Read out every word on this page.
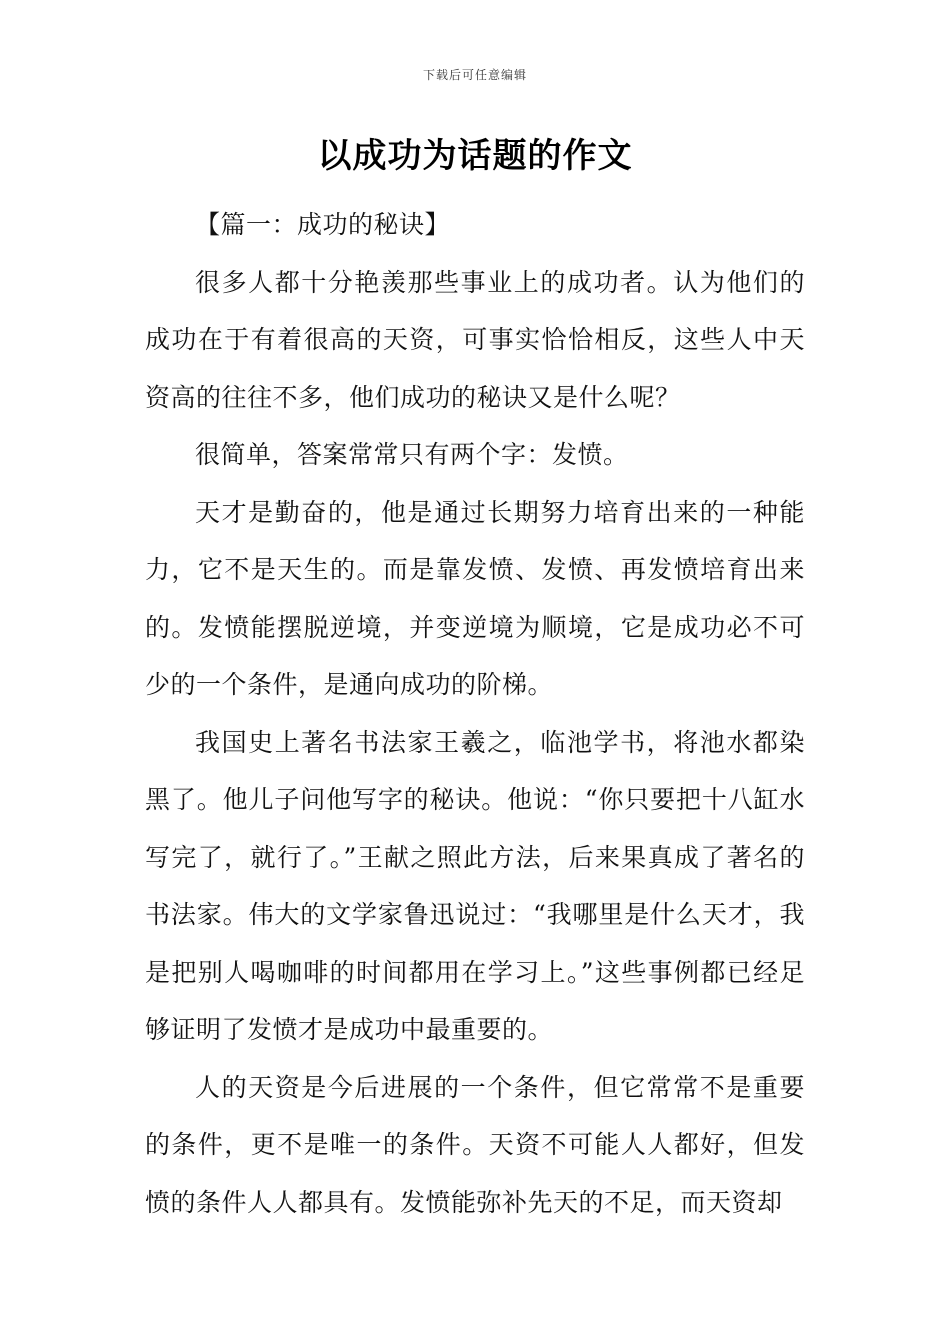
下载后可任意编辑
以成功为话题的作文

【篇一：成功的秘诀】

很多人都十分艳羡那些事业上的成功者。认为他们的成功在于有着很高的天资，可事实恰恰相反，这些人中天资高的往往不多，他们成功的秘诀又是什么呢？

很简单，答案常常只有两个字：发愤。

天才是勤奋的，他是通过长期努力培育出来的一种能力，它不是天生的。而是靠发愤、发愤、再发愤培育出来的。发愤能摆脱逆境，并变逆境为顺境，它是成功必不可少的一个条件，是通向成功的阶梯。

我国史上著名书法家王羲之，临池学书，将池水都染黑了。他儿子问他写字的秘诀。他说：“你只要把十八缸水写完了，就行了。”王献之照此方法，后来果真成了著名的书法家。伟大的文学家鲁迅说过：“我哪里是什么天才，我是把别人喝咖啡的时间都用在学习上。”这些事例都已经足够证明了发愤才是成功中最重要的。

人的天资是今后进展的一个条件，但它常常不是重要的条件，更不是唯一的条件。天资不可能人人都好，但发愤的条件人人都具有。发愤能弥补先天的不足，而天资却
